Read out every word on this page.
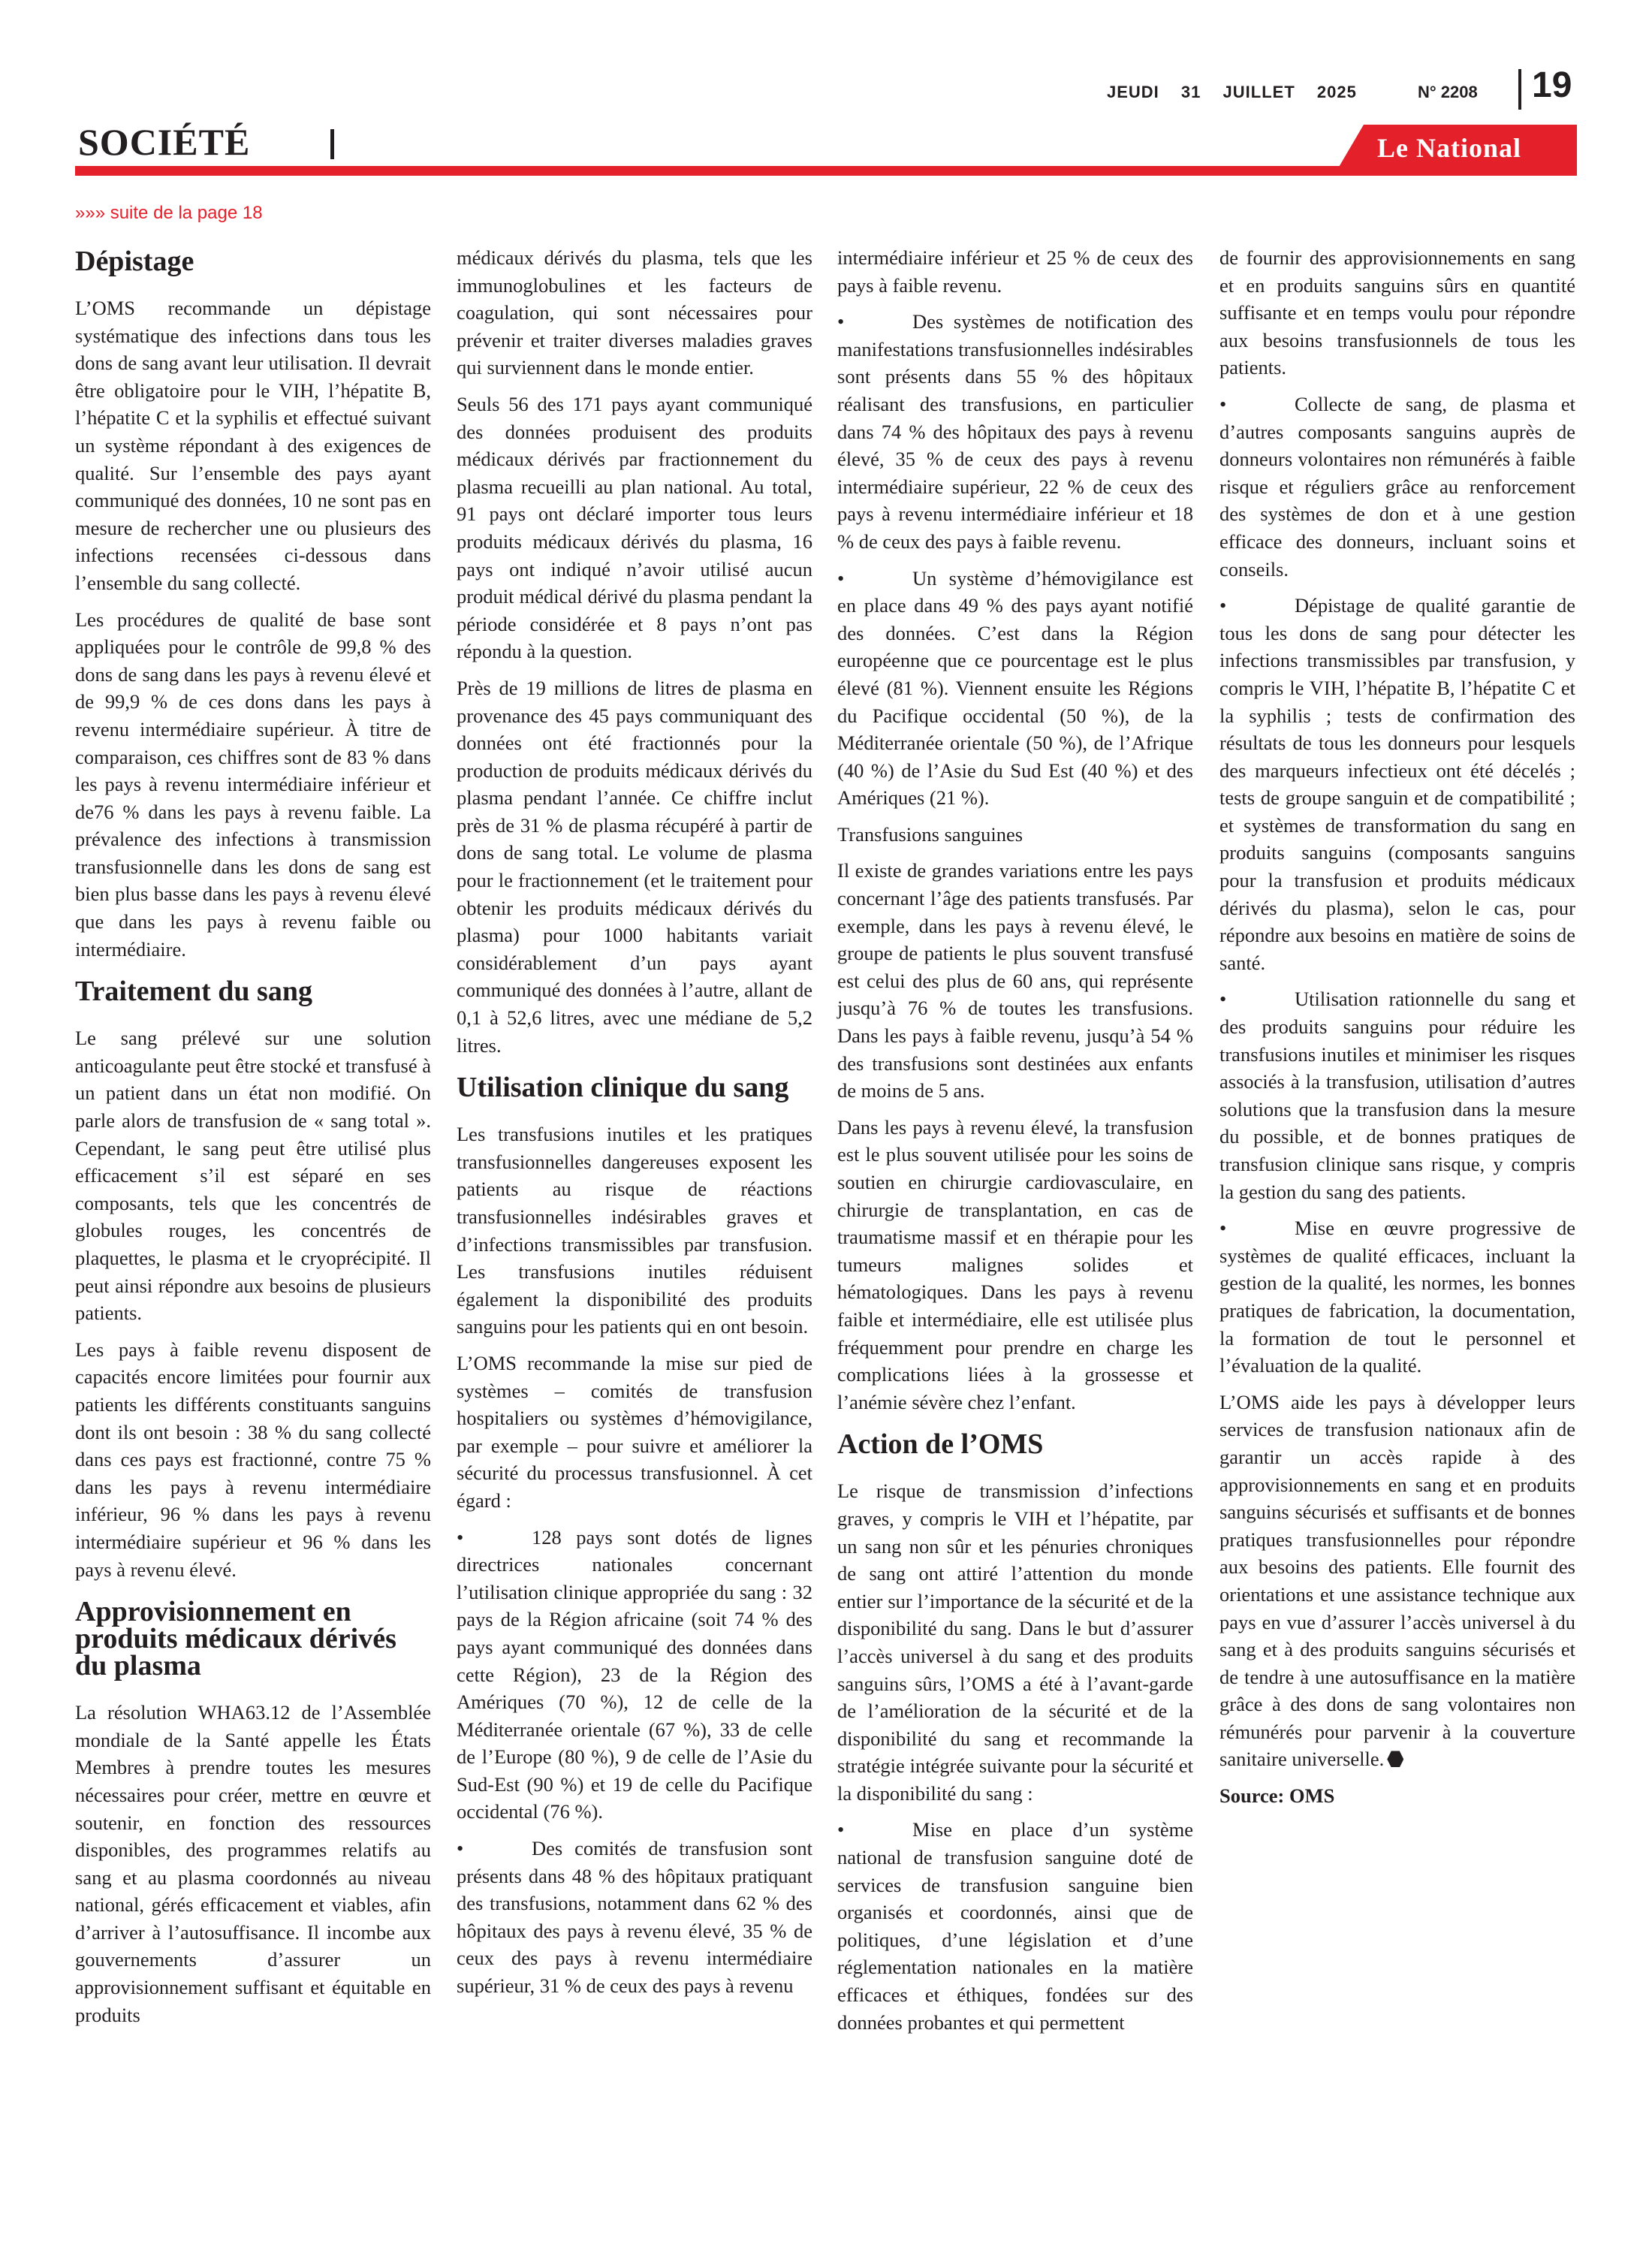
JEUDI 31 JUILLET 2025	N° 2208 19
SOCIÉTÉ	Le National
»»» suite de la page 18
Dépistage

L’OMS recommande un dépistage systématique des infections dans tous les dons de sang avant leur utilisation. Il devrait être obligatoire pour le VIH, l’hépatite B, l’hépatite C et la syphilis et effectué suivant un système répondant à des exigences de qualité. Sur l’ensemble des pays ayant communiqué des données, 10 ne sont pas en mesure de rechercher une ou plusieurs des infections recensées ci-dessous dans l’ensemble du sang collecté.

Les procédures de qualité de base sont appliquées pour le contrôle de 99,8 % des dons de sang dans les pays à revenu élevé et de 99,9 % de ces dons dans les pays à revenu intermédiaire supérieur. À titre de comparaison, ces chiffres sont de 83 % dans les pays à revenu intermédiaire inférieur et de76 % dans les pays à revenu faible. La prévalence des infections à transmission transfusionnelle dans les dons de sang est bien plus basse dans les pays à revenu élevé que dans les pays à revenu faible ou intermédiaire.

Traitement du sang

Le sang prélevé sur une solution anticoagulante peut être stocké et transfusé à un patient dans un état non modifié. On parle alors de transfusion de « sang total ». Cependant, le sang peut être utilisé plus efficacement s’il est séparé en ses composants, tels que les concentrés de globules rouges, les concentrés de plaquettes, le plasma et le cryoprécipité. Il peut ainsi répondre aux besoins de plusieurs patients.

Les pays à faible revenu disposent de capacités encore limitées pour fournir aux patients les différents constituants sanguins dont ils ont besoin : 38 % du sang collecté dans ces pays est fractionné, contre 75 % dans les pays à revenu intermédiaire inférieur, 96 % dans les pays à revenu intermédiaire supérieur et 96 % dans les pays à revenu élevé.

Approvisionnement en produits médicaux dérivés du plasma

La résolution WHA63.12 de l’Assemblée mondiale de la Santé appelle les États Membres à prendre toutes les mesures nécessaires pour créer, mettre en œuvre et soutenir, en fonction des ressources disponibles, des programmes relatifs au sang et au plasma coordonnés au niveau national, gérés efficacement et viables, afin d’arriver à l’autosuffisance. Il incombe aux gouvernements d’assurer un approvisionnement suffisant et équitable en produits

médicaux dérivés du plasma, tels que les immunoglobulines et les facteurs de coagulation, qui sont nécessaires pour prévenir et traiter diverses maladies graves qui surviennent dans le monde entier.

Seuls 56 des 171 pays ayant communiqué des données produisent des produits médicaux dérivés par fractionnement du plasma recueilli au plan national. Au total, 91 pays ont déclaré importer tous leurs produits médicaux dérivés du plasma, 16 pays ont indiqué n’avoir utilisé aucun produit médical dérivé du plasma pendant la période considérée et 8 pays n’ont pas répondu à la question.

Près de 19 millions de litres de plasma en provenance des 45 pays communiquant des données ont été fractionnés pour la production de produits médicaux dérivés du plasma pendant l’année. Ce chiffre inclut près de 31 % de plasma récupéré à partir de dons de sang total. Le volume de plasma pour le fractionnement (et le traitement pour obtenir les produits médicaux dérivés du plasma) pour 1000 habitants variait considérablement d’un pays ayant communiqué des données à l’autre, allant de 0,1 à 52,6 litres, avec une médiane de 5,2 litres.

Utilisation clinique du sang

Les transfusions inutiles et les pratiques transfusionnelles dangereuses exposent les patients au risque de réactions transfusionnelles indésirables graves et d’infections transmissibles par transfusion. Les transfusions inutiles réduisent également la disponibilité des produits sanguins pour les patients qui en ont besoin.

L’OMS recommande la mise sur pied de systèmes – comités de transfusion hospitaliers ou systèmes d’hémovigilance, par exemple – pour suivre et améliorer la sécurité du processus transfusionnel. À cet égard :

•	128 pays sont dotés de lignes directrices nationales concernant l’utilisation clinique appropriée du sang : 32 pays de la Région africaine (soit 74 % des pays ayant communiqué des données dans cette Région), 23 de la Région des Amériques (70 %), 12 de celle de la Méditerranée orientale (67 %), 33 de celle de l’Europe (80 %), 9 de celle de l’Asie du Sud-Est (90 %) et 19 de celle du Pacifique occidental (76 %).

•	Des comités de transfusion sont présents dans 48 % des hôpitaux pratiquant des transfusions, notamment dans 62 % des hôpitaux des pays à revenu élevé, 35 % de ceux des pays à revenu intermédiaire supérieur, 31 % de ceux des pays à revenu

intermédiaire inférieur et 25 % de ceux des pays à faible revenu.

•	Des systèmes de notification des manifestations transfusionnelles indésirables sont présents dans 55 % des hôpitaux réalisant des transfusions, en particulier dans 74 % des hôpitaux des pays à revenu élevé, 35 % de ceux des pays à revenu intermédiaire supérieur, 22 % de ceux des pays à revenu intermédiaire inférieur et 18 % de ceux des pays à faible revenu.

•	Un système d’hémovigilance est en place dans 49 % des pays ayant notifié des données. C’est dans la Région européenne que ce pourcentage est le plus élevé (81 %). Viennent ensuite les Régions du Pacifique occidental (50 %), de la Méditerranée orientale (50 %), de l’Afrique (40 %) de l’Asie du Sud Est (40 %) et des Amériques (21 %).

Transfusions sanguines

Il existe de grandes variations entre les pays concernant l’âge des patients transfusés. Par exemple, dans les pays à revenu élevé, le groupe de patients le plus souvent transfusé est celui des plus de 60 ans, qui représente jusqu’à 76 % de toutes les transfusions. Dans les pays à faible revenu, jusqu’à 54 % des transfusions sont destinées aux enfants de moins de 5 ans.

Dans les pays à revenu élevé, la transfusion est le plus souvent utilisée pour les soins de soutien en chirurgie cardiovasculaire, en chirurgie de transplantation, en cas de traumatisme massif et en thérapie pour les tumeurs malignes solides et hématologiques. Dans les pays à revenu faible et intermédiaire, elle est utilisée plus fréquemment pour prendre en charge les complications liées à la grossesse et l’anémie sévère chez l’enfant.

Action de l’OMS

Le risque de transmission d’infections graves, y compris le VIH et l’hépatite, par un sang non sûr et les pénuries chroniques de sang ont attiré l’attention du monde entier sur l’importance de la sécurité et de la disponibilité du sang. Dans le but d’assurer l’accès universel à du sang et des produits sanguins sûrs, l’OMS a été à l’avant-garde de l’amélioration de la sécurité et de la disponibilité du sang et recommande la stratégie intégrée suivante pour la sécurité et la disponibilité du sang :

•	Mise en place d’un système national de transfusion sanguine doté de services de transfusion sanguine bien organisés et coordonnés, ainsi que de politiques, d’une législation et d’une réglementation nationales en la matière efficaces et éthiques, fondées sur des données probantes et qui permettent

de fournir des approvisionnements en sang et en produits sanguins sûrs en quantité suffisante et en temps voulu pour répondre aux besoins transfusionnels de tous les patients.

•	Collecte de sang, de plasma et d’autres composants sanguins auprès de donneurs volontaires non rémunérés à faible risque et réguliers grâce au renforcement des systèmes de don et à une gestion efficace des donneurs, incluant soins et conseils.

•	Dépistage de qualité garantie de tous les dons de sang pour détecter les infections transmissibles par transfusion, y compris le VIH, l’hépatite B, l’hépatite C et la syphilis ; tests de confirmation des résultats de tous les donneurs pour lesquels des marqueurs infectieux ont été décelés ; tests de groupe sanguin et de compatibilité ; et systèmes de transformation du sang en produits sanguins (composants sanguins pour la transfusion et produits médicaux dérivés du plasma), selon le cas, pour répondre aux besoins en matière de soins de santé.

•	Utilisation rationnelle du sang et des produits sanguins pour réduire les transfusions inutiles et minimiser les risques associés à la transfusion, utilisation d’autres solutions que la transfusion dans la mesure du possible, et de bonnes pratiques de transfusion clinique sans risque, y compris la gestion du sang des patients.

•	Mise en œuvre progressive de systèmes de qualité efficaces, incluant la gestion de la qualité, les normes, les bonnes pratiques de fabrication, la documentation, la formation de tout le personnel et l’évaluation de la qualité.

L’OMS aide les pays à développer leurs services de transfusion nationaux afin de garantir un accès rapide à des approvisionnements en sang et en produits sanguins sécurisés et suffisants et de bonnes pratiques transfusionnelles pour répondre aux besoins des patients. Elle fournit des orientations et une assistance technique aux pays en vue d’assurer l’accès universel à du sang et à des produits sanguins sécurisés et de tendre à une autosuffisance en la matière grâce à des dons de sang volontaires non rémunérés pour parvenir à la couverture sanitaire universelle.

Source: OMS
